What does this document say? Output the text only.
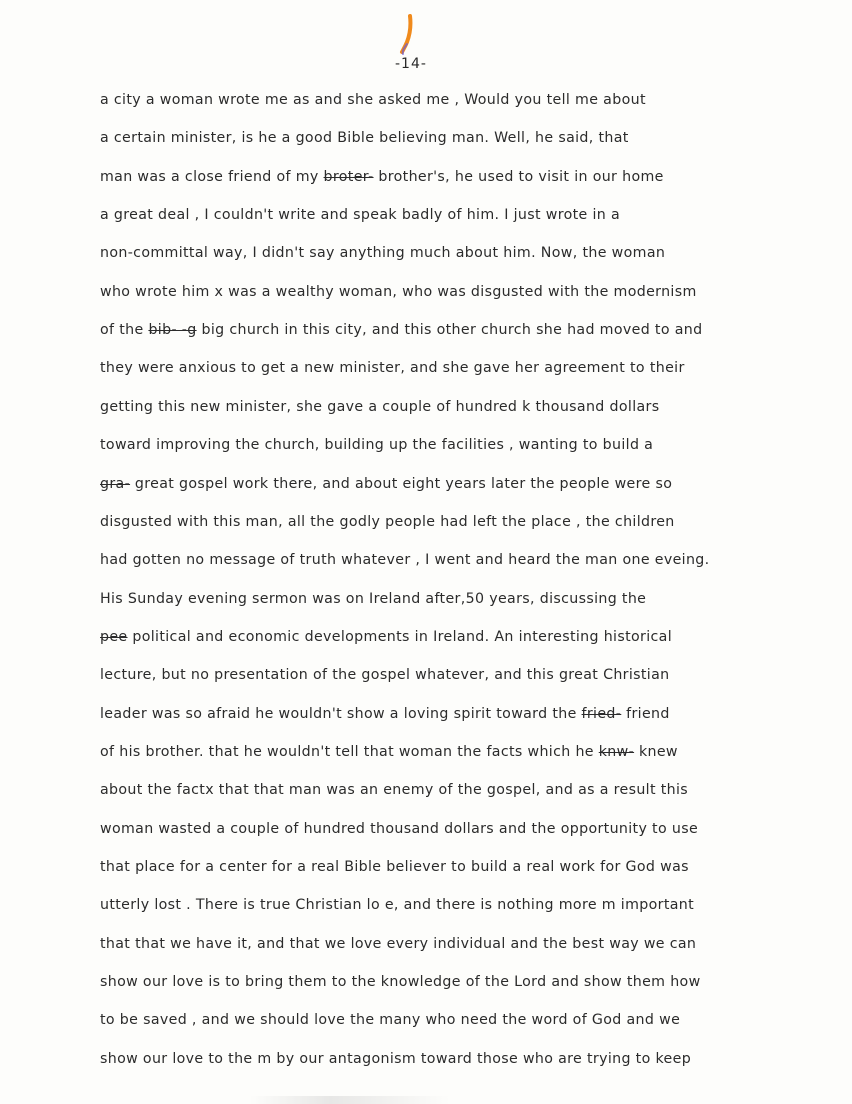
-14-
a city a woman wrote me as and she asked me , Would you tell me about
a certain minister, is he a good Bible believing man. Well, he said, that
man was a close friend of my broter- brother's, he used to visit in our home
a great deal , I couldn't write and speak badly of him. I just wrote in a
non-committal way, I didn't say anything much about him. Now, the woman
who wrote him x was a wealthy woman, who was disgusted with the modernism
of the bib- -g big church in this city, and this other church she had moved to and
they were anxious to get a new minister, and she gave her agreement to their
getting this new minister, she gave a couple of hundred k thousand dollars
toward improving the church, building up the facilities , wanting to build a
gra- great gospel work there, and about eight years later the people were so
disgusted with this man, all the godly people had left the place , the children
had gotten no message of truth whatever , I went and heard the man one eveing.
His Sunday evening sermon was on Ireland after,50 years, discussing the
pee political and economic developments in Ireland. An interesting historical
lecture, but no presentation of the gospel whatever, and this great Christian
leader was so afraid he wouldn't show a loving spirit toward the fried- friend
of his brother. that he wouldn't tell that woman the facts which he knw- knew
about the factx that that man was an enemy of the gospel, and as a result this
woman wasted a couple of hundred thousand dollars and the opportunity to use
that place for a center for a real Bible believer to build a real work for God was
utterly lost . There is true Christian lo e, and there is nothing more m important
that that we have it, and that we love every individual and the best way we can
show our love is to bring them to the knowledge of the Lord and show them how
to be saved , and we should love the many who need the word of God and we
show our love to the m by our antagonism toward those who are trying to keep
